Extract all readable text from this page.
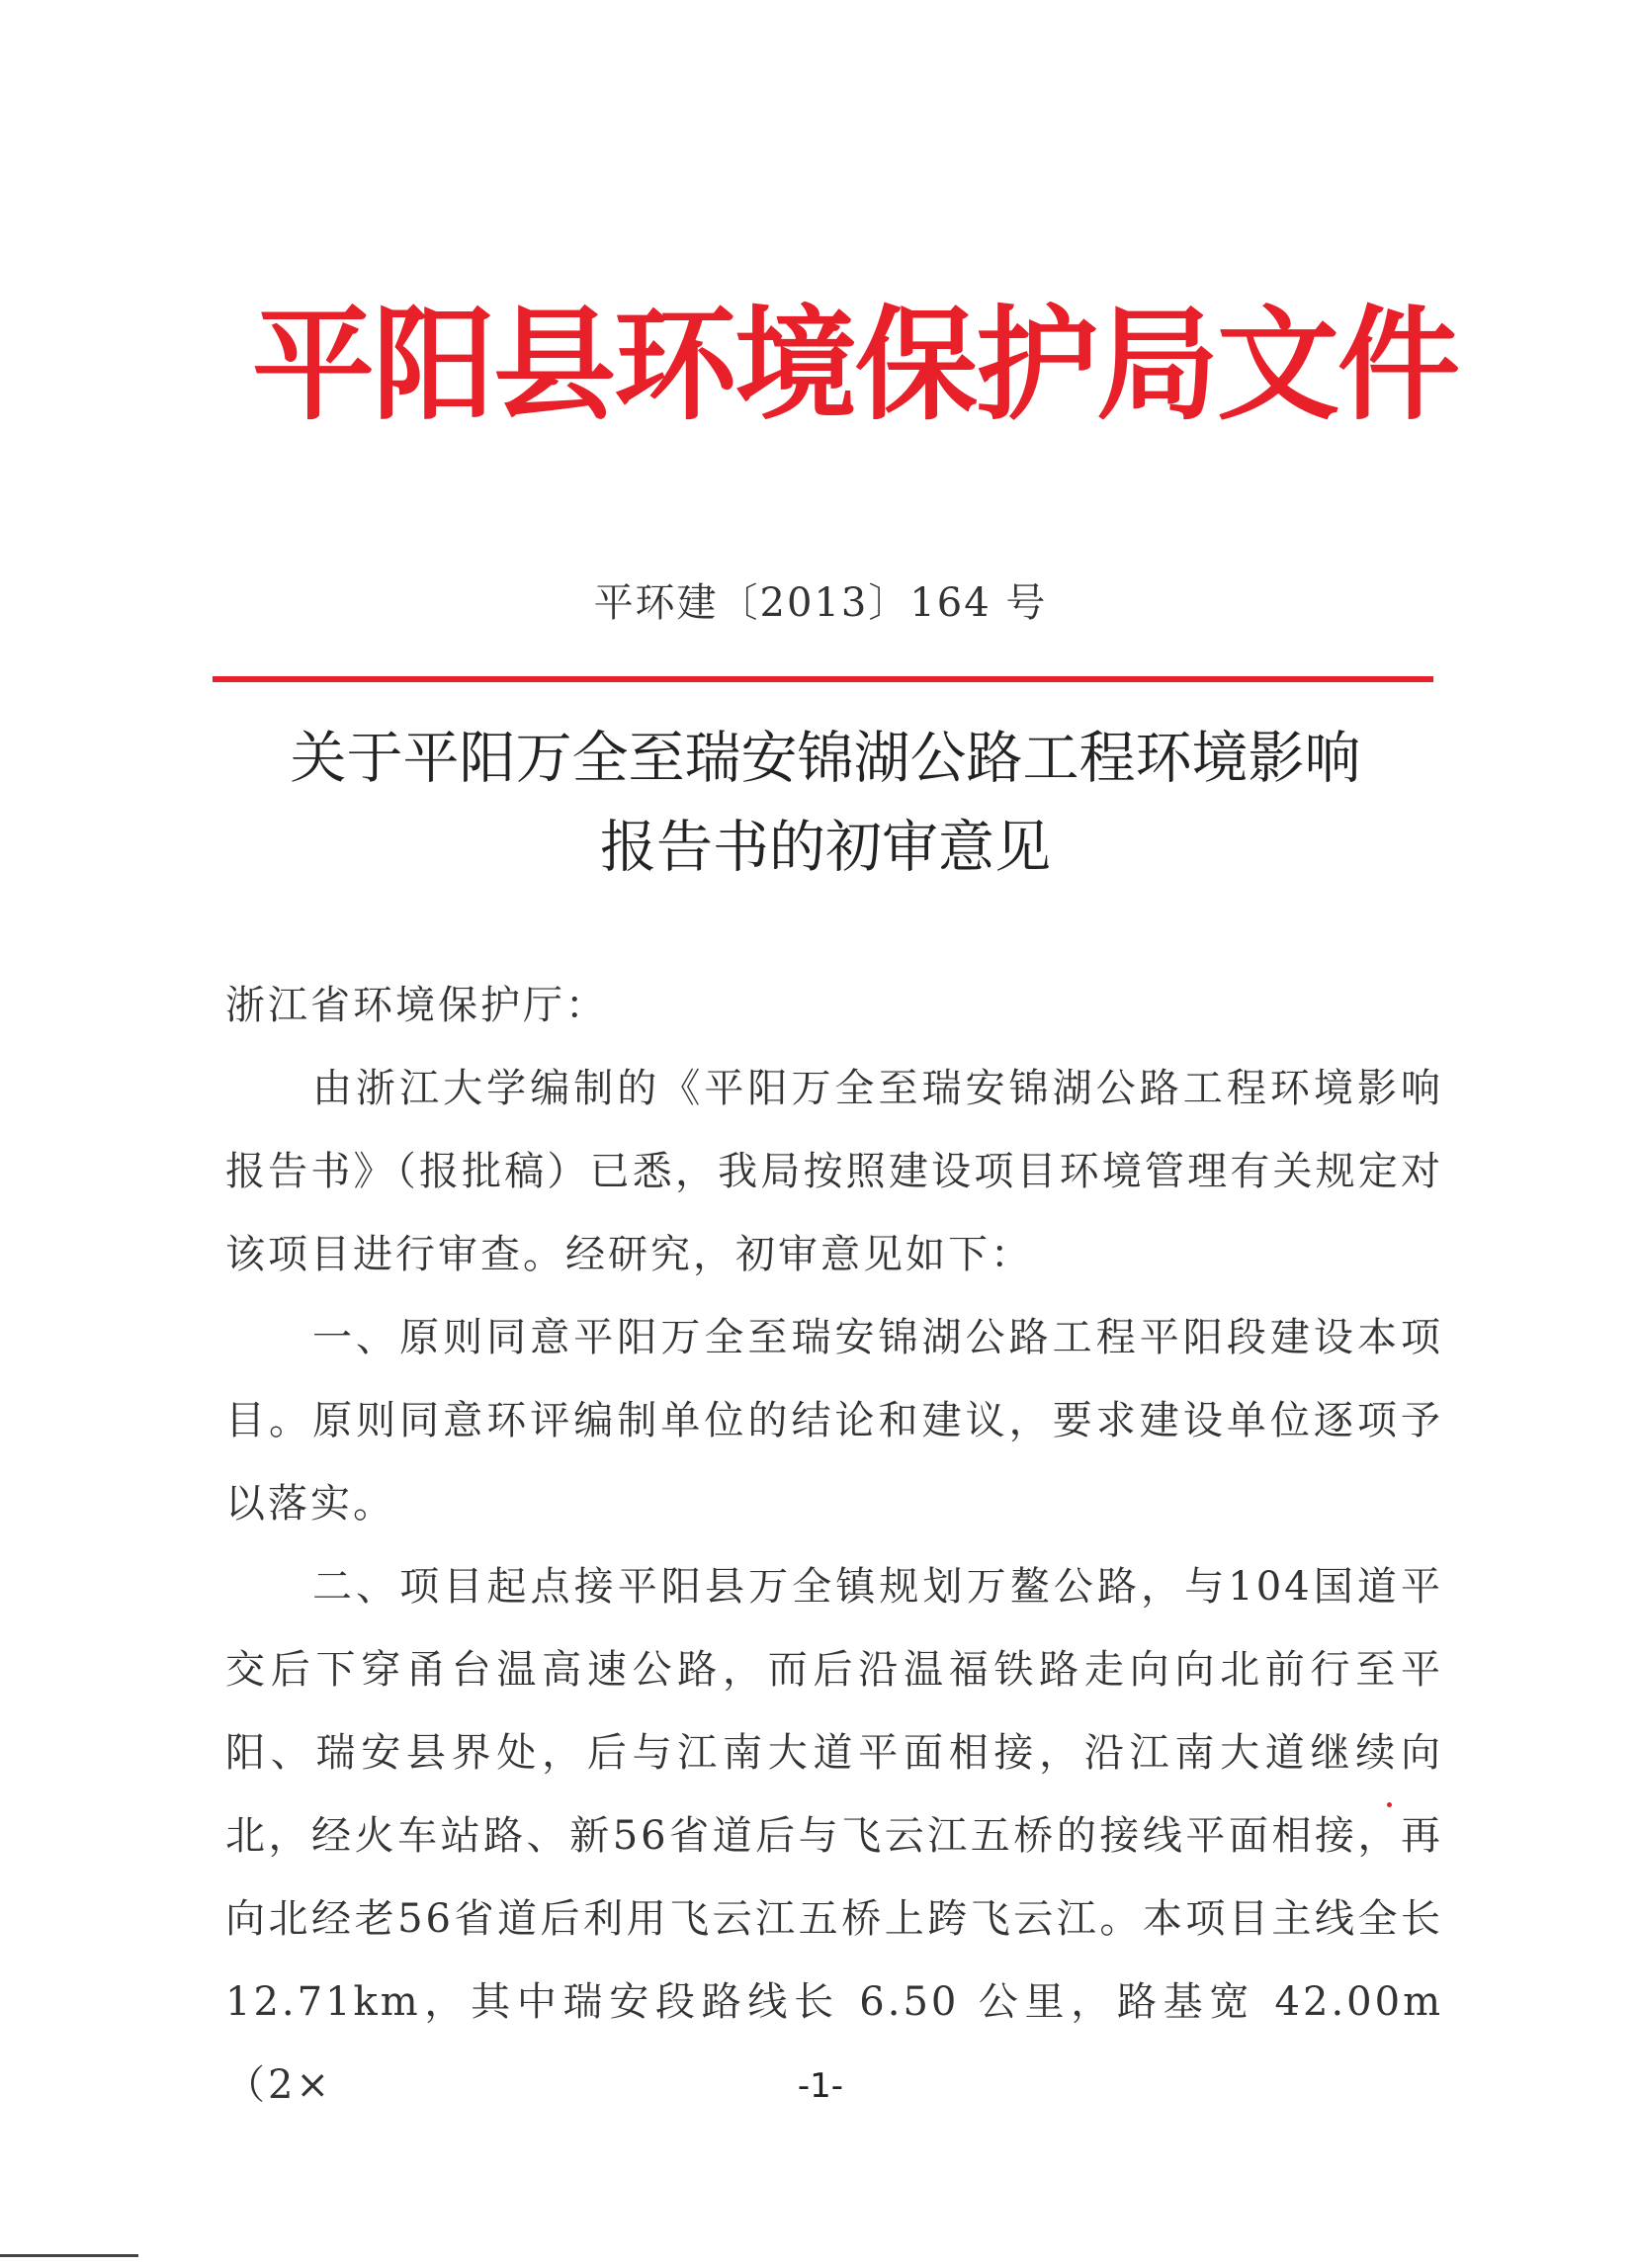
平阳县环境保护局文件
平环建〔2013〕164 号
关于平阳万全至瑞安锦湖公路工程环境影响
报告书的初审意见
浙江省环境保护厅：

由浙江大学编制的《平阳万全至瑞安锦湖公路工程环境影响报告书》（报批稿）已悉，我局按照建设项目环境管理有关规定对该项目进行审查。经研究，初审意见如下：

一、原则同意平阳万全至瑞安锦湖公路工程平阳段建设本项目。原则同意环评编制单位的结论和建议，要求建设单位逐项予以落实。

二、项目起点接平阳县万全镇规划万鳌公路，与104国道平交后下穿甬台温高速公路，而后沿温福铁路走向向北前行至平阳、瑞安县界处，后与江南大道平面相接，沿江南大道继续向北，经火车站路、新56省道后与飞云江五桥的接线平面相接，再向北经老56省道后利用飞云江五桥上跨飞云江。本项目主线全长12.71km，其中瑞安段路线长 6.50 公里，路基宽 42.00m（2×	-1-
